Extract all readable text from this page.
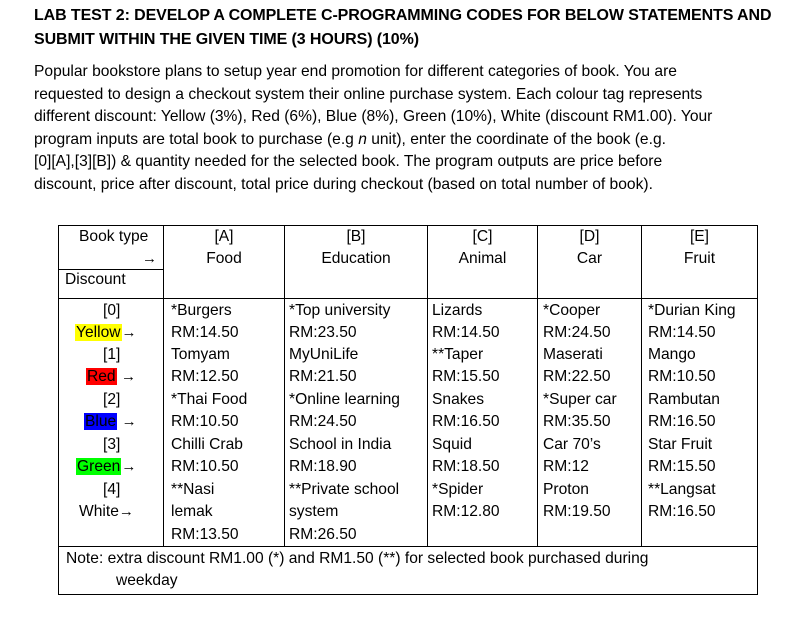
LAB TEST 2: DEVELOP A COMPLETE C-PROGRAMMING CODES FOR BELOW STATEMENTS AND
SUBMIT WITHIN THE GIVEN TIME (3 HOURS) (10%)

Popular bookstore plans to setup year end promotion for different categories of book. You are

requested to design a checkout system their online purchase system. Each colour tag represents

different discount: Yellow (3%), Red (6%), Blue (8%), Green (10%), White (discount RM1.00). Your

program inputs are total book to purchase (e.g n unit), enter the coordinate of the book (e.g.

[0][A],[3][B]) & quantity needed for the selected book. The program outputs are price before

discount, price after discount, total price during checkout (based on total number of book).

Book type
→
Discount
[A]
Food
[B]
Education
[C]
Animal
[D]
Car
[E]
Fruit
[0]
Yellow→
[1]
Red →
[2]
Blue →
[3]
Green→
[4]
White→
*Burgers
RM:14.50
Tomyam
RM:12.50
*Thai Food
RM:10.50
Chilli Crab
RM:10.50
**Nasi
lemak
RM:13.50
*Top university
RM:23.50
MyUniLife
RM:21.50
*Online learning
RM:24.50
School in India
RM:18.90
**Private school
system
RM:26.50
Lizards
RM:14.50
**Taper
RM:15.50
Snakes
RM:16.50
Squid
RM:18.50
*Spider
RM:12.80
*Cooper
RM:24.50
Maserati
RM:22.50
*Super car
RM:35.50
Car 70’s
RM:12
Proton
RM:19.50
*Durian King
RM:14.50
Mango
RM:10.50
Rambutan
RM:16.50
Star Fruit
RM:15.50
**Langsat
RM:16.50
Note: extra discount RM1.00 (*) and RM1.50 (**) for selected book purchased during
weekday
